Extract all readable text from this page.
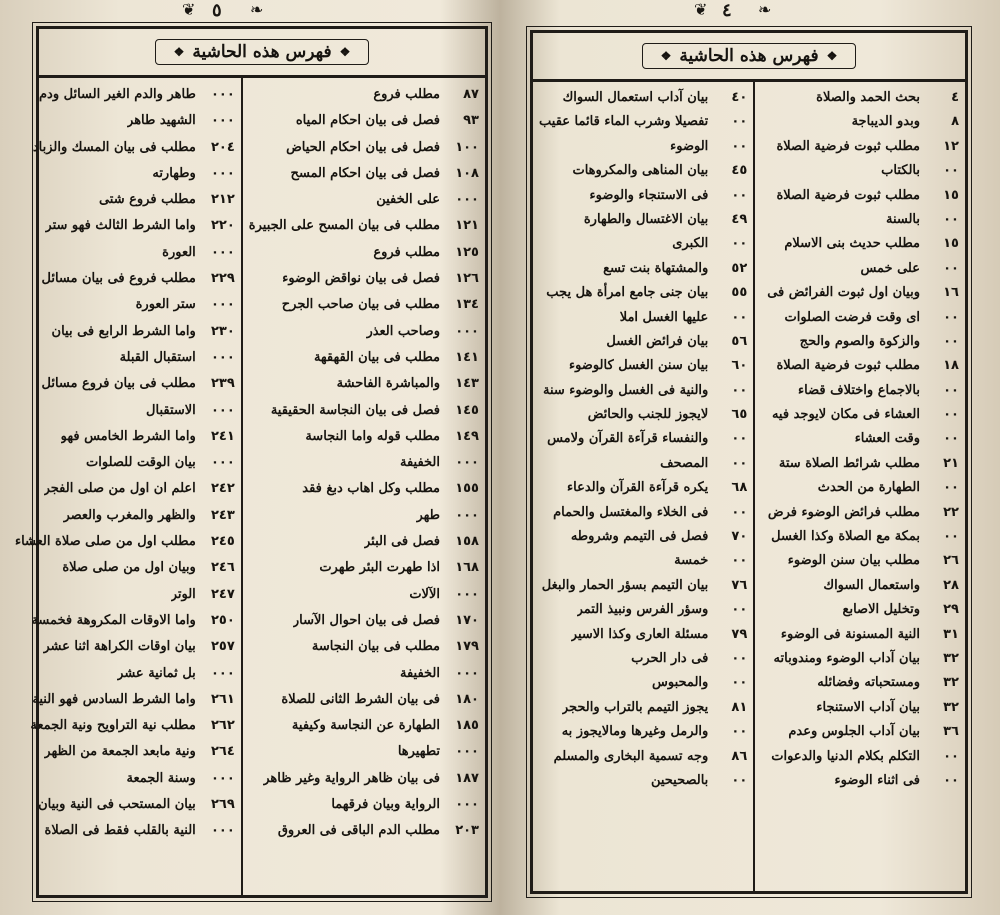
❦ ٥ ❧
❖
فهرس هذه الحاشية
❖
٨٧
مطلب فروع
٩٣
فصل فى بيان احكام المياه
١٠٠
فصل فى بيان احكام الحياض
١٠٨
فصل فى بيان احكام المسح
٠٠٠
على الخفين
١٢١
مطلب فى بيان المسح على الجبيرة
١٢٥
مطلب فروع
١٢٦
فصل فى بيان نواقض الوضوء
١٣٤
مطلب فى بيان صاحب الجرح
٠٠٠
وصاحب العذر
١٤١
مطلب فى بيان القهقهة
١٤٣
والمباشرة الفاحشة
١٤٥
فصل فى بيان النجاسة الحقيقية
١٤٩
مطلب قوله واما النجاسة
٠٠٠
الخفيفة
١٥٥
مطلب وكل اهاب دبغ فقد
٠٠٠
طهر
١٥٨
فصل فى البئر
١٦٨
اذا طهرت البئر طهرت
٠٠٠
الآلات
١٧٠
فصل فى بيان احوال الآسار
١٧٩
مطلب فى بيان النجاسة
٠٠٠
الخفيفة
١٨٠
فى بيان الشرط الثانى للصلاة
١٨٥
الطهارة عن النجاسة وكيفية
٠٠٠
تطهيرها
١٨٧
فى بيان ظاهر الرواية وغير ظاهر
٠٠٠
الرواية وبيان فرقهما
٢٠٣
مطلب الدم الباقى فى العروق
٠٠٠
طاهر والدم الغير السائل ودم
٠٠٠
الشهيد طاهر
٢٠٤
مطلب فى بيان المسك والزباد
٠٠٠
وطهارته
٢١٢
مطلب فروع شتى
٢٢٠
واما الشرط الثالث فهو ستر
٠٠٠
العورة
٢٢٩
مطلب فروع فى بيان مسائل
٠٠٠
ستر العورة
٢٣٠
واما الشرط الرابع فى بيان
٠٠٠
استقبال القبلة
٢٣٩
مطلب فى بيان فروع مسائل
٠٠٠
الاستقبال
٢٤١
واما الشرط الخامس فهو
٠٠٠
بيان الوقت للصلوات
٢٤٢
اعلم ان اول من صلى الفجر
٢٤٣
والظهر والمغرب والعصر
٢٤٥
مطلب اول من صلى صلاة العشاء
٢٤٦
وبيان اول من صلى صلاة
٢٤٧
الوتر
٢٥٠
واما الاوقات المكروهة فخمسة
٢٥٧
بيان اوقات الكراهة اثنا عشر
٠٠٠
بل ثمانية عشر
٢٦١
واما الشرط السادس فهو النية
٢٦٢
مطلب نية التراويح ونية الجمعة
٢٦٤
ونية مابعد الجمعة من الظهر
٠٠٠
وسنة الجمعة
٢٦٩
بيان المستحب فى النية وبيان
٠٠٠
النية بالقلب فقط فى الصلاة
❦ ٤ ❧
❖
فهرس هذه الحاشية
❖
٤
بحث الحمد والصلاة
٨
وبدو الديباجة
١٢
مطلب ثبوت فرضية الصلاة
٠٠
بالكتاب
١٥
مطلب ثبوت فرضية الصلاة
٠٠
بالسنة
١٥
مطلب حديث بنى الاسلام
٠٠
على خمس
١٦
وبيان اول ثبوت الفرائض فى
٠٠
اى وقت فرضت الصلوات
٠٠
والزكوة والصوم والحج
١٨
مطلب ثبوت فرضية الصلاة
٠٠
بالاجماع واختلاف قضاء
٠٠
العشاء فى مكان لايوجد فيه
٠٠
وقت العشاء
٢١
مطلب شرائط الصلاة ستة
٠٠
الطهارة من الحدث
٢٢
مطلب فرائض الوضوء فرض
٠٠
بمكة مع الصلاة وكذا الغسل
٢٦
مطلب بيان سنن الوضوء
٢٨
واستعمال السواك
٢٩
وتخليل الاصابع
٣١
النية المسنونة فى الوضوء
٣٢
بيان آداب الوضوء ومندوباته
٣٢
ومستحباته وفضائله
٣٢
بيان آداب الاستنجاء
٣٦
بيان آداب الجلوس وعدم
٠٠
التكلم بكلام الدنيا والدعوات
٠٠
فى اثناء الوضوء
٤٠
بيان آداب استعمال السواك
٠٠
تفصيلا وشرب الماء قائما عقيب
٠٠
الوضوء
٤٥
بيان المناهى والمكروهات
٠٠
فى الاستنجاء والوضوء
٤٩
بيان الاغتسال والطهارة
٠٠
الكبرى
٥٢
والمشتهاة بنت تسع
٥٥
بيان جنى جامع امرأة هل يجب
٠٠
عليها الغسل املا
٥٦
بيان فرائض الغسل
٦٠
بيان سنن الغسل كالوضوء
٠٠
والنية فى الغسل والوضوء سنة
٦٥
لايجوز للجنب والحائض
٠٠
والنفساء قرآءة القرآن ولامس
٠٠
المصحف
٦٨
يكره قرآءة القرآن والدعاء
٠٠
فى الخلاء والمغتسل والحمام
٧٠
فصل فى التيمم وشروطه
٠٠
خمسة
٧٦
بيان التيمم بسؤر الحمار والبغل
٠٠
وسؤر الفرس ونبيذ التمر
٧٩
مسئلة العارى وكذا الاسير
٠٠
فى دار الحرب
٠٠
والمحبوس
٨١
يجوز التيمم بالتراب والحجر
٠٠
والرمل وغيرها ومالايجوز به
٨٦
وجه تسمية البخارى والمسلم
٠٠
بالصحيحين
